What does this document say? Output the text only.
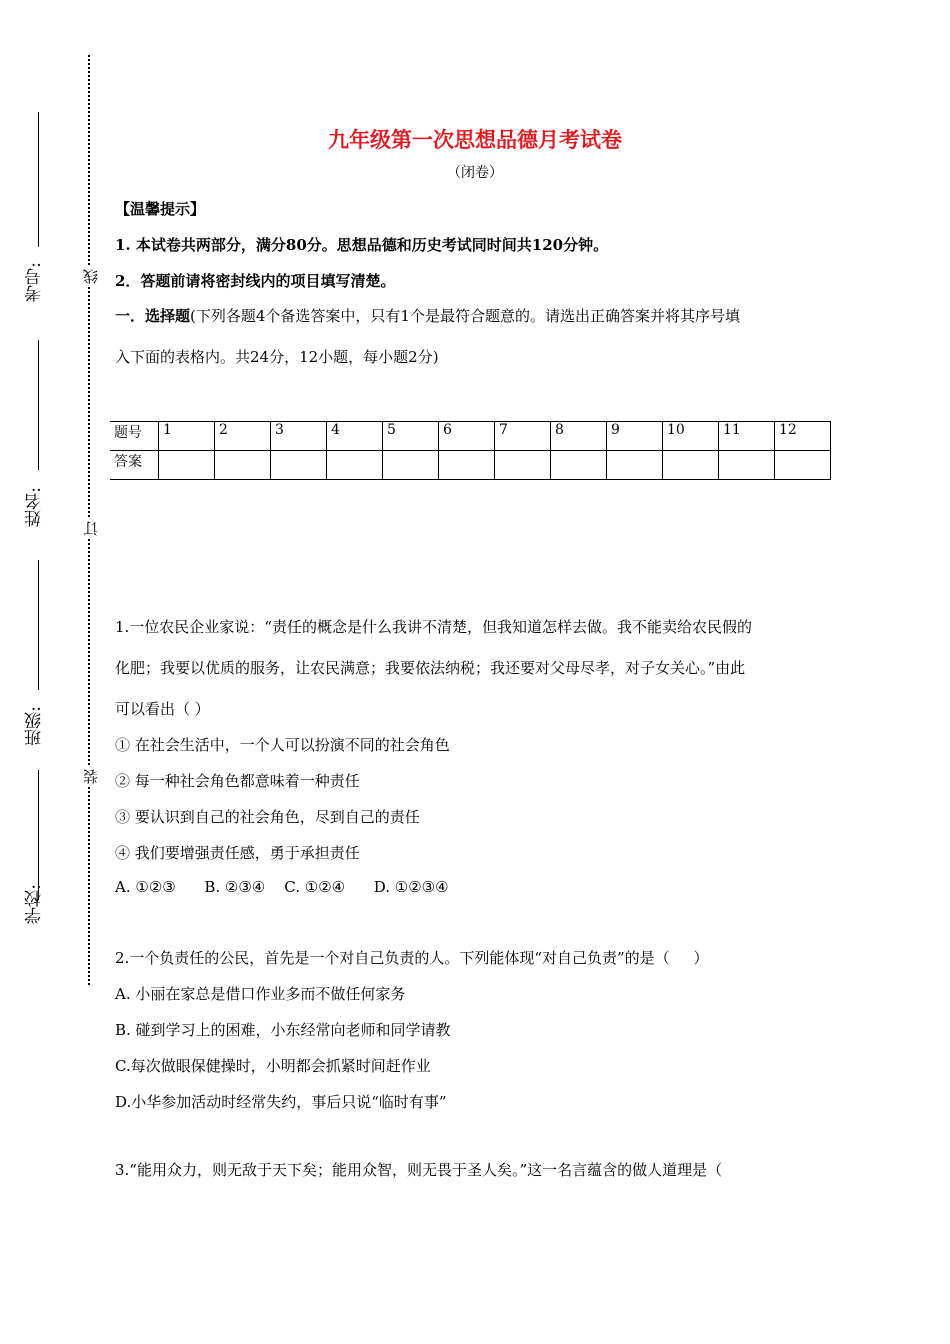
考号:
姓名:
班级:
学校:
线
订
装
九年级第一次思想品德月考试卷
（闭卷）
【温馨提示】
1. 本试卷共两部分，满分80分。思想品德和历史考试同时间共120分钟。
2．答题前请将密封线内的项目填写清楚。
一．选择题(下列各题4个备选答案中，只有1个是最符合题意的。请选出正确答案并将其序号填
入下面的表格内。共24分，12小题，每小题2分)
题号	1	2	3	4	5	6	7	8	9	10	11	12
答案												
1.一位农民企业家说：“责任的概念是什么我讲不清楚，但我知道怎样去做。我不能卖给农民假的
化肥；我要以优质的服务，让农民满意；我要依法纳税；我还要对父母尽孝，对子女关心。”由此
可以看出（ ）
① 在社会生活中，一个人可以扮演不同的社会角色
② 每一种社会角色都意味着一种责任
③ 要认识到自己的社会角色，尽到自己的责任
④ 我们要增强责任感，勇于承担责任
A. ①②③      B. ②③④    C. ①②④      D. ①②③④
2.一个负责任的公民，首先是一个对自己负责的人。下列能体现“对自己负责”的是（     ）
A. 小丽在家总是借口作业多而不做任何家务
B. 碰到学习上的困难，小东经常向老师和同学请教
C.每次做眼保健操时，小明都会抓紧时间赶作业
D.小华参加活动时经常失约，事后只说“临时有事”
3.“能用众力，则无敌于天下矣；能用众智，则无畏于圣人矣。”这一名言蕴含的做人道理是（
